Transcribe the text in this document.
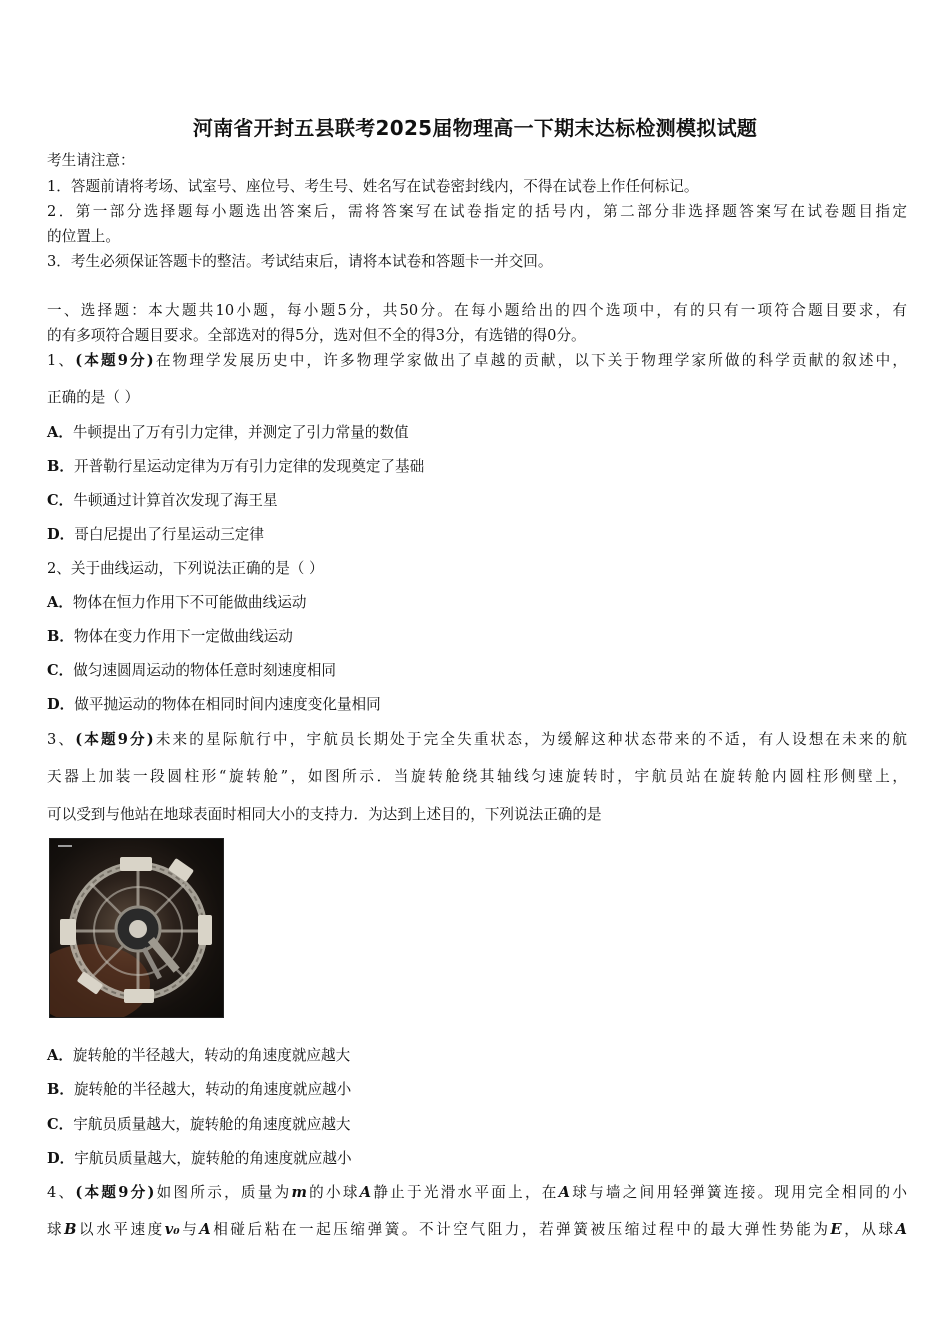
河南省开封五县联考2025届物理高一下期末达标检测模拟试题
考生请注意：
1．答题前请将考场、试室号、座位号、考生号、姓名写在试卷密封线内，不得在试卷上作任何标记。
2．第一部分选择题每小题选出答案后，需将答案写在试卷指定的括号内，第二部分非选择题答案写在试卷题目指定
的位置上。
3．考生必须保证答题卡的整洁。考试结束后，请将本试卷和答题卡一并交回。
一、选择题：本大题共10小题，每小题5分，共50分。在每小题给出的四个选项中，有的只有一项符合题目要求，有
的有多项符合题目要求。全部选对的得5分，选对但不全的得3分，有选错的得0分。
1、(本题9分)在物理学发展历史中，许多物理学家做出了卓越的贡献，以下关于物理学家所做的科学贡献的叙述中，
正确的是（ ）
A．牛顿提出了万有引力定律，并测定了引力常量的数值
B．开普勒行星运动定律为万有引力定律的发现奠定了基础
C．牛顿通过计算首次发现了海王星
D．哥白尼提出了行星运动三定律
2、关于曲线运动，下列说法正确的是（ ）
A．物体在恒力作用下不可能做曲线运动
B．物体在变力作用下一定做曲线运动
C．做匀速圆周运动的物体任意时刻速度相同
D．做平抛运动的物体在相同时间内速度变化量相同
3、(本题9分)未来的星际航行中，宇航员长期处于完全失重状态，为缓解这种状态带来的不适，有人设想在未来的航
天器上加装一段圆柱形“旋转舱”，如图所示．当旋转舱绕其轴线匀速旋转时，宇航员站在旋转舱内圆柱形侧壁上，
可以受到与他站在地球表面时相同大小的支持力．为达到上述目的，下列说法正确的是
A．旋转舱的半径越大，转动的角速度就应越大
B．旋转舱的半径越大，转动的角速度就应越小
C．宇航员质量越大，旋转舱的角速度就应越大
D．宇航员质量越大，旋转舱的角速度就应越小
4、(本题9分)如图所示，质量为m的小球A静止于光滑水平面上，在A球与墙之间用轻弹簧连接。现用完全相同的小
球B以水平速度v₀与A相碰后粘在一起压缩弹簧。不计空气阻力，若弹簧被压缩过程中的最大弹性势能为E，从球A
